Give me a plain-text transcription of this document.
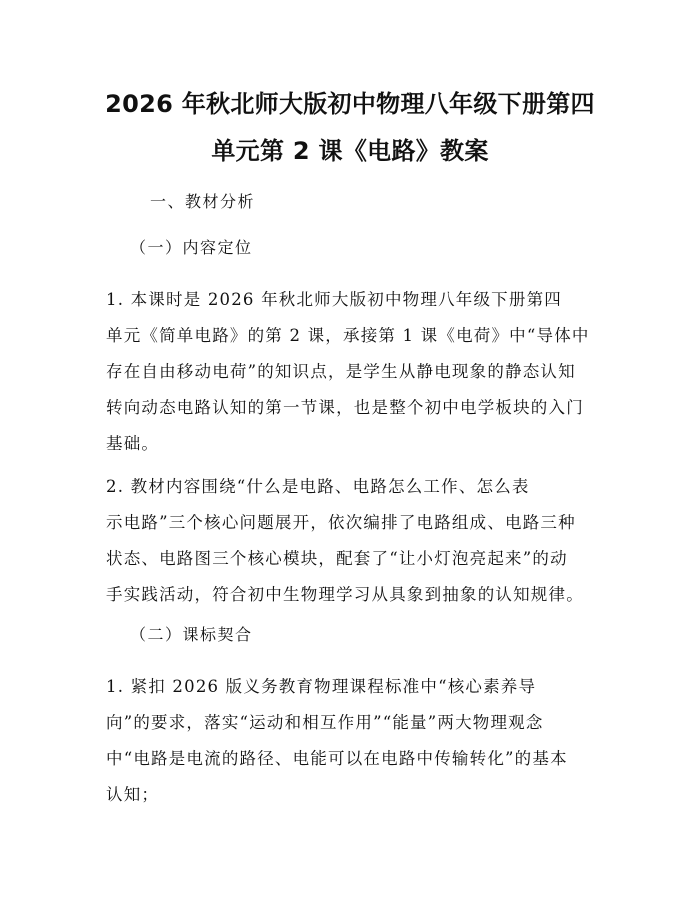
2026 年秋北师大版初中物理八年级下册第四
单元第 2 课《电路》教案
一、教材分析
（一）内容定位
1. 本课时是 2026 年秋北师大版初中物理八年级下册第四
单元《简单电路》的第 2 课，承接第 1 课《电荷》中“导体中
存在自由移动电荷”的知识点，是学生从静电现象的静态认知
转向动态电路认知的第一节课，也是整个初中电学板块的入门
基础。
2. 教材内容围绕“什么是电路、电路怎么工作、怎么表
示电路”三个核心问题展开，依次编排了电路组成、电路三种
状态、电路图三个核心模块，配套了“让小灯泡亮起来”的动
手实践活动，符合初中生物理学习从具象到抽象的认知规律。
（二）课标契合
1. 紧扣 2026 版义务教育物理课程标准中“核心素养导
向”的要求，落实“运动和相互作用”“能量”两大物理观念
中“电路是电流的路径、电能可以在电路中传输转化”的基本
认知；
